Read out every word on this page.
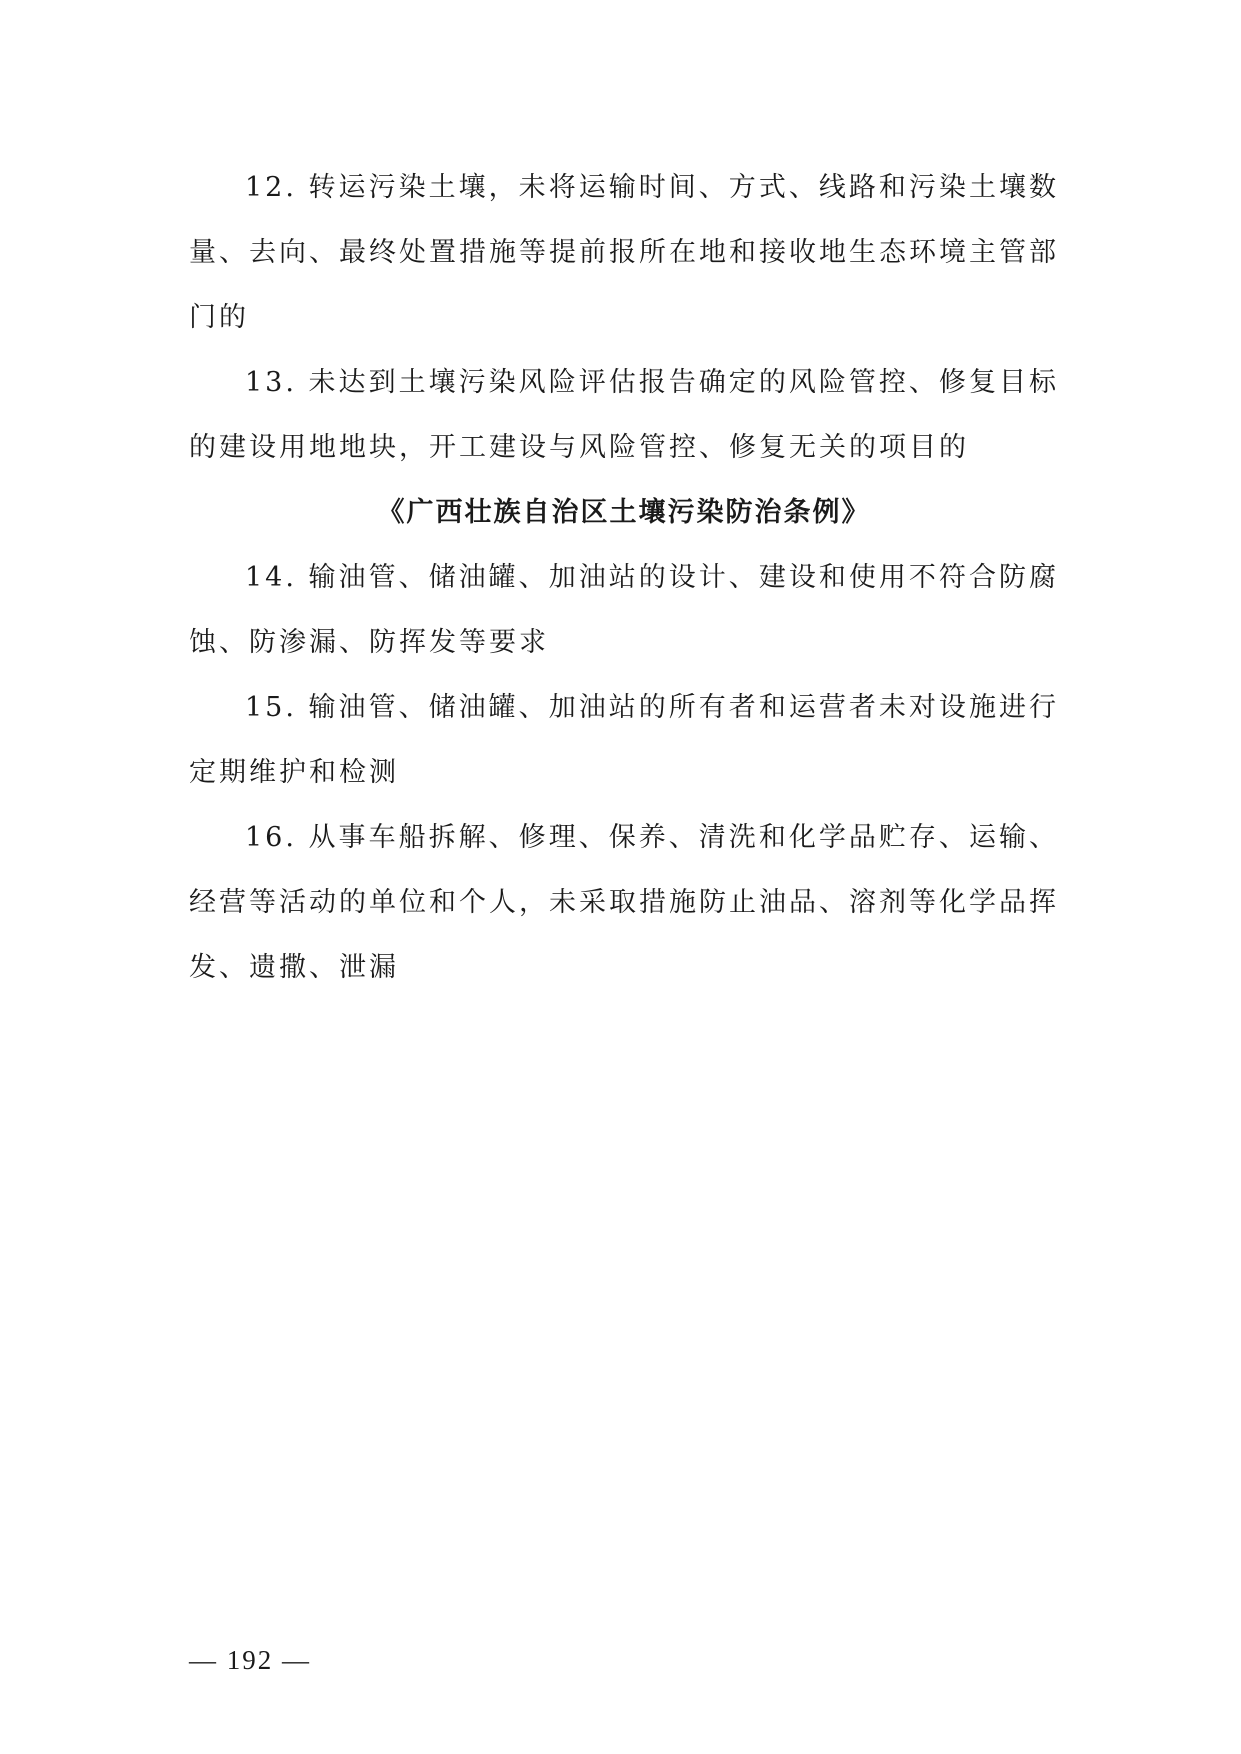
12. 转运污染土壤，未将运输时间、方式、线路和污染土壤数量、去向、最终处置措施等提前报所在地和接收地生态环境主管部门的

13. 未达到土壤污染风险评估报告确定的风险管控、修复目标的建设用地地块，开工建设与风险管控、修复无关的项目的

《广西壮族自治区土壤污染防治条例》

14. 输油管、储油罐、加油站的设计、建设和使用不符合防腐蚀、防渗漏、防挥发等要求

15. 输油管、储油罐、加油站的所有者和运营者未对设施进行定期维护和检测

16. 从事车船拆解、修理、保养、清洗和化学品贮存、运输、经营等活动的单位和个人，未采取措施防止油品、溶剂等化学品挥发、遗撒、泄漏

— 192 —
